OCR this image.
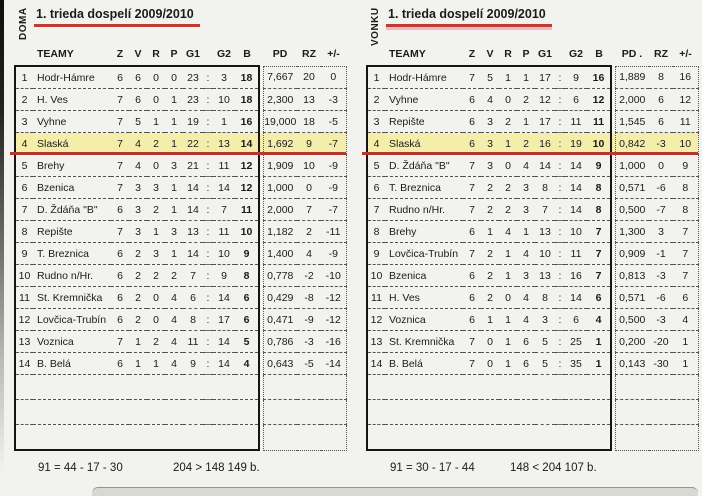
DOMA 1. trieda dospelí 2009/2010
	TEAMY	Z	V	R	P	G1		G2	B		PD	RZ	+/-
1	Hodr-Hámre	6	6	0	0	23	:	3	18		7,667	20	0
2	H. Ves	7	6	0	1	23	:	10	18		2,300	13	-3
3	Vyhne	7	5	1	1	19	:	1	16		19,000	18	-5
4	Slaská	7	4	2	1	22	:	13	14		1,692	9	-7
5	Brehy	7	4	0	3	21	:	11	12		1,909	10	-9
6	Bzenica	7	3	3	1	14	:	14	12		1,000	0	-9
7	D. Ždáňa "B"	6	3	2	1	14	:	7	11		2,000	7	-7
8	Repište	7	3	1	3	13	:	11	10		1,182	2	-11
9	T. Breznica	6	2	3	1	14	:	10	9		1,400	4	-9
10	Rudno n/Hr.	6	2	2	2	7	:	9	8		0,778	-2	-10
11	St. Kremnička	6	2	0	4	6	:	14	6		0,429	-8	-12
12	Lovčica-Trubín	6	2	0	4	8	:	17	6		0,471	-9	-12
13	Voznica	7	1	2	4	11	:	14	5		0,786	-3	-16
14	B. Belá	6	1	1	4	9	:	14	4		0,643	-5	-14

91 = 44 - 17 - 30	204 > 148 149 b.
VONKU 1. trieda dospelí 2009/2010
	TEAMY	Z	V	R	P	G1		G2	B		PD .	RZ	+/-
1	Hodr-Hámre	7	5	1	1	17	:	9	16		1,889	8	16
2	Vyhne	6	4	0	2	12	:	6	12		2,000	6	12
3	Repište	6	3	2	1	17	:	11	11		1,545	6	11
4	Slaská	6	3	1	2	16	:	19	10		0,842	-3	10
5	D. Ždáňa "B"	7	3	0	4	14	:	14	9		1,000	0	9
6	T. Breznica	7	2	2	3	8	:	14	8		0,571	-6	8
7	Rudno n/Hr.	7	2	2	3	7	:	14	8		0,500	-7	8
8	Brehy	6	1	4	1	13	:	10	7		1,300	3	7
9	Lovčica-Trubín	7	2	1	4	10	:	11	7		0,909	-1	7
10	Bzenica	6	2	1	3	13	:	16	7		0,813	-3	7
11	H. Ves	6	2	0	4	8	:	14	6		0,571	-6	6
12	Voznica	6	1	1	4	3	:	6	4		0,500	-3	4
13	St. Kremnička	7	0	1	6	5	:	25	1		0,200	-20	1
14	B. Belá	7	0	1	6	5	:	35	1		0,143	-30	1

91 = 30 - 17 - 44	148 < 204 107 b.
